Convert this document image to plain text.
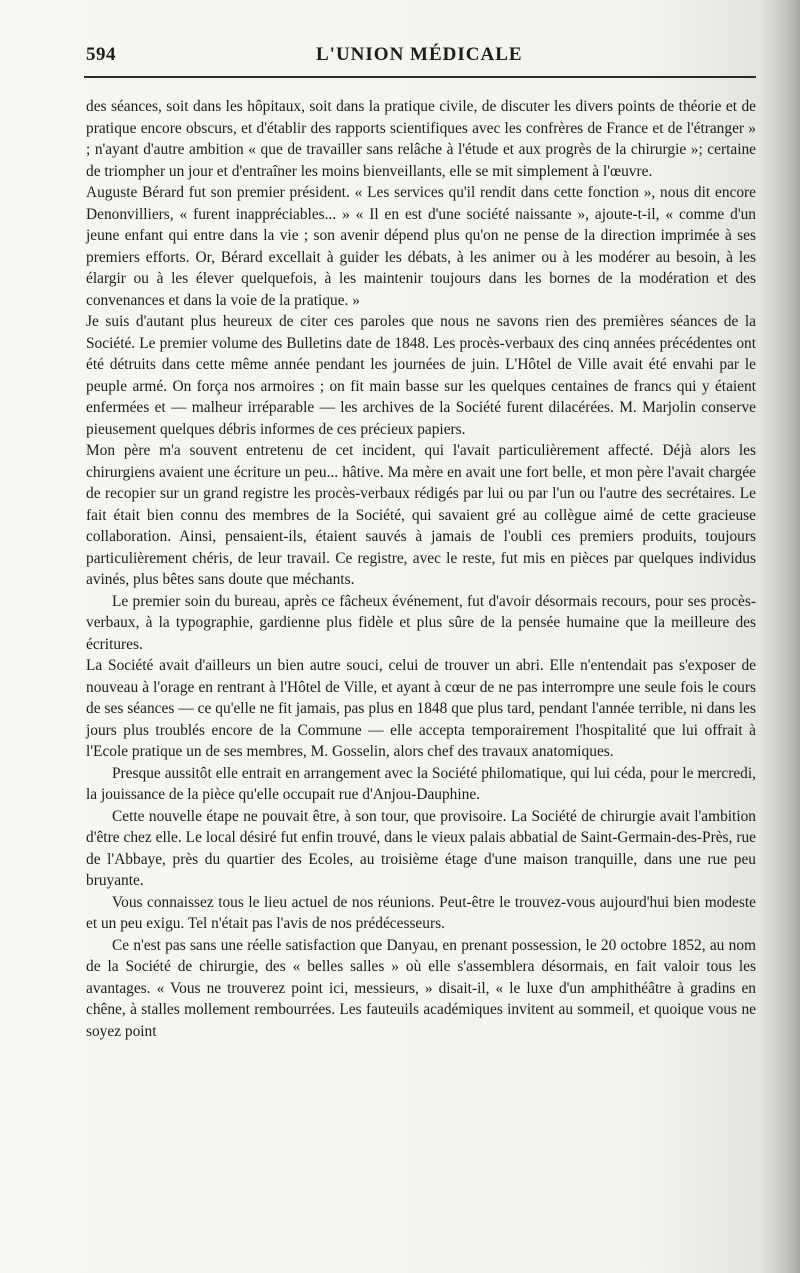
594	L'UNION MÉDICALE

des séances, soit dans les hôpitaux, soit dans la pratique civile, de discuter les divers points de théorie et de pratique encore obscurs, et d'établir des rapports scientifiques avec les confrères de France et de l'étranger » ; n'ayant d'autre ambition « que de travailler sans relâche à l'étude et aux progrès de la chirurgie »; certaine de triompher un jour et d'entraîner les moins bienveillants, elle se mit simplement à l'œuvre.

Auguste Bérard fut son premier président. « Les services qu'il rendit dans cette fonction », nous dit encore Denonvilliers, « furent inappréciables... » « Il en est d'une société naissante », ajoute-t-il, « comme d'un jeune enfant qui entre dans la vie ; son avenir dépend plus qu'on ne pense de la direction imprimée à ses premiers efforts. Or, Bérard excellait à guider les débats, à les animer ou à les modérer au besoin, à les élargir ou à les élever quelquefois, à les maintenir toujours dans les bornes de la modération et des convenances et dans la voie de la pratique. »

Je suis d'autant plus heureux de citer ces paroles que nous ne savons rien des premières séances de la Société. Le premier volume des Bulletins date de 1848. Les procès-verbaux des cinq années précédentes ont été détruits dans cette même année pendant les journées de juin. L'Hôtel de Ville avait été envahi par le peuple armé. On força nos armoires ; on fit main basse sur les quelques centaines de francs qui y étaient enfermées et — malheur irréparable — les archives de la Société furent dilacérées. M. Marjolin conserve pieusement quelques débris informes de ces précieux papiers.

Mon père m'a souvent entretenu de cet incident, qui l'avait particulièrement affecté. Déjà alors les chirurgiens avaient une écriture un peu... hâtive. Ma mère en avait une fort belle, et mon père l'avait chargée de recopier sur un grand registre les procès-verbaux rédigés par lui ou par l'un ou l'autre des secrétaires. Le fait était bien connu des membres de la Société, qui savaient gré au collègue aimé de cette gracieuse collaboration. Ainsi, pensaient-ils, étaient sauvés à jamais de l'oubli ces premiers produits, toujours particulièrement chéris, de leur travail. Ce registre, avec le reste, fut mis en pièces par quelques individus avinés, plus bêtes sans doute que méchants.

Le premier soin du bureau, après ce fâcheux événement, fut d'avoir désormais recours, pour ses procès-verbaux, à la typographie, gardienne plus fidèle et plus sûre de la pensée humaine que la meilleure des écritures.

La Société avait d'ailleurs un bien autre souci, celui de trouver un abri. Elle n'entendait pas s'exposer de nouveau à l'orage en rentrant à l'Hôtel de Ville, et ayant à cœur de ne pas interrompre une seule fois le cours de ses séances — ce qu'elle ne fit jamais, pas plus en 1848 que plus tard, pendant l'année terrible, ni dans les jours plus troublés encore de la Commune — elle accepta temporairement l'hospitalité que lui offrait à l'Ecole pratique un de ses membres, M. Gosselin, alors chef des travaux anatomiques.

Presque aussitôt elle entrait en arrangement avec la Société philomatique, qui lui céda, pour le mercredi, la jouissance de la pièce qu'elle occupait rue d'Anjou-Dauphine.

Cette nouvelle étape ne pouvait être, à son tour, que provisoire. La Société de chirurgie avait l'ambition d'être chez elle. Le local désiré fut enfin trouvé, dans le vieux palais abbatial de Saint-Germain-des-Près, rue de l'Abbaye, près du quartier des Ecoles, au troisième étage d'une maison tranquille, dans une rue peu bruyante.

Vous connaissez tous le lieu actuel de nos réunions. Peut-être le trouvez-vous aujourd'hui bien modeste et un peu exigu. Tel n'était pas l'avis de nos prédécesseurs.

Ce n'est pas sans une réelle satisfaction que Danyau, en prenant possession, le 20 octobre 1852, au nom de la Société de chirurgie, des « belles salles » où elle s'assemblera désormais, en fait valoir tous les avantages. « Vous ne trouverez point ici, messieurs, » disait-il, « le luxe d'un amphithéâtre à gradins en chêne, à stalles mollement rembourrées. Les fauteuils académiques invitent au sommeil, et quoique vous ne soyez point
